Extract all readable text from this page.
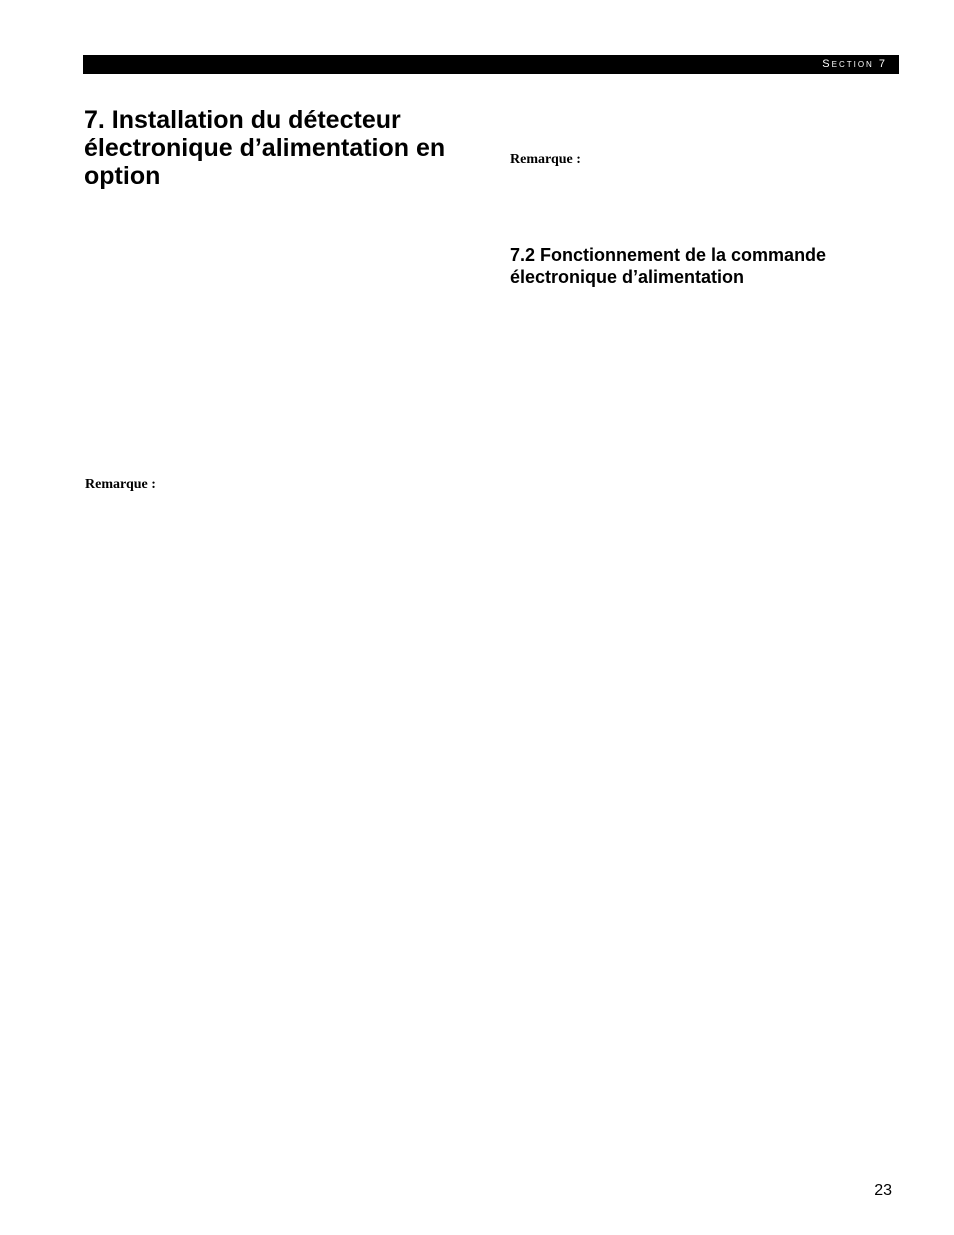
Section 7
7. Installation du détecteur électronique d’alimentation en option

Remarque :

7.2 Fonctionnement de la commande électronique d’alimentation

Remarque :

23
